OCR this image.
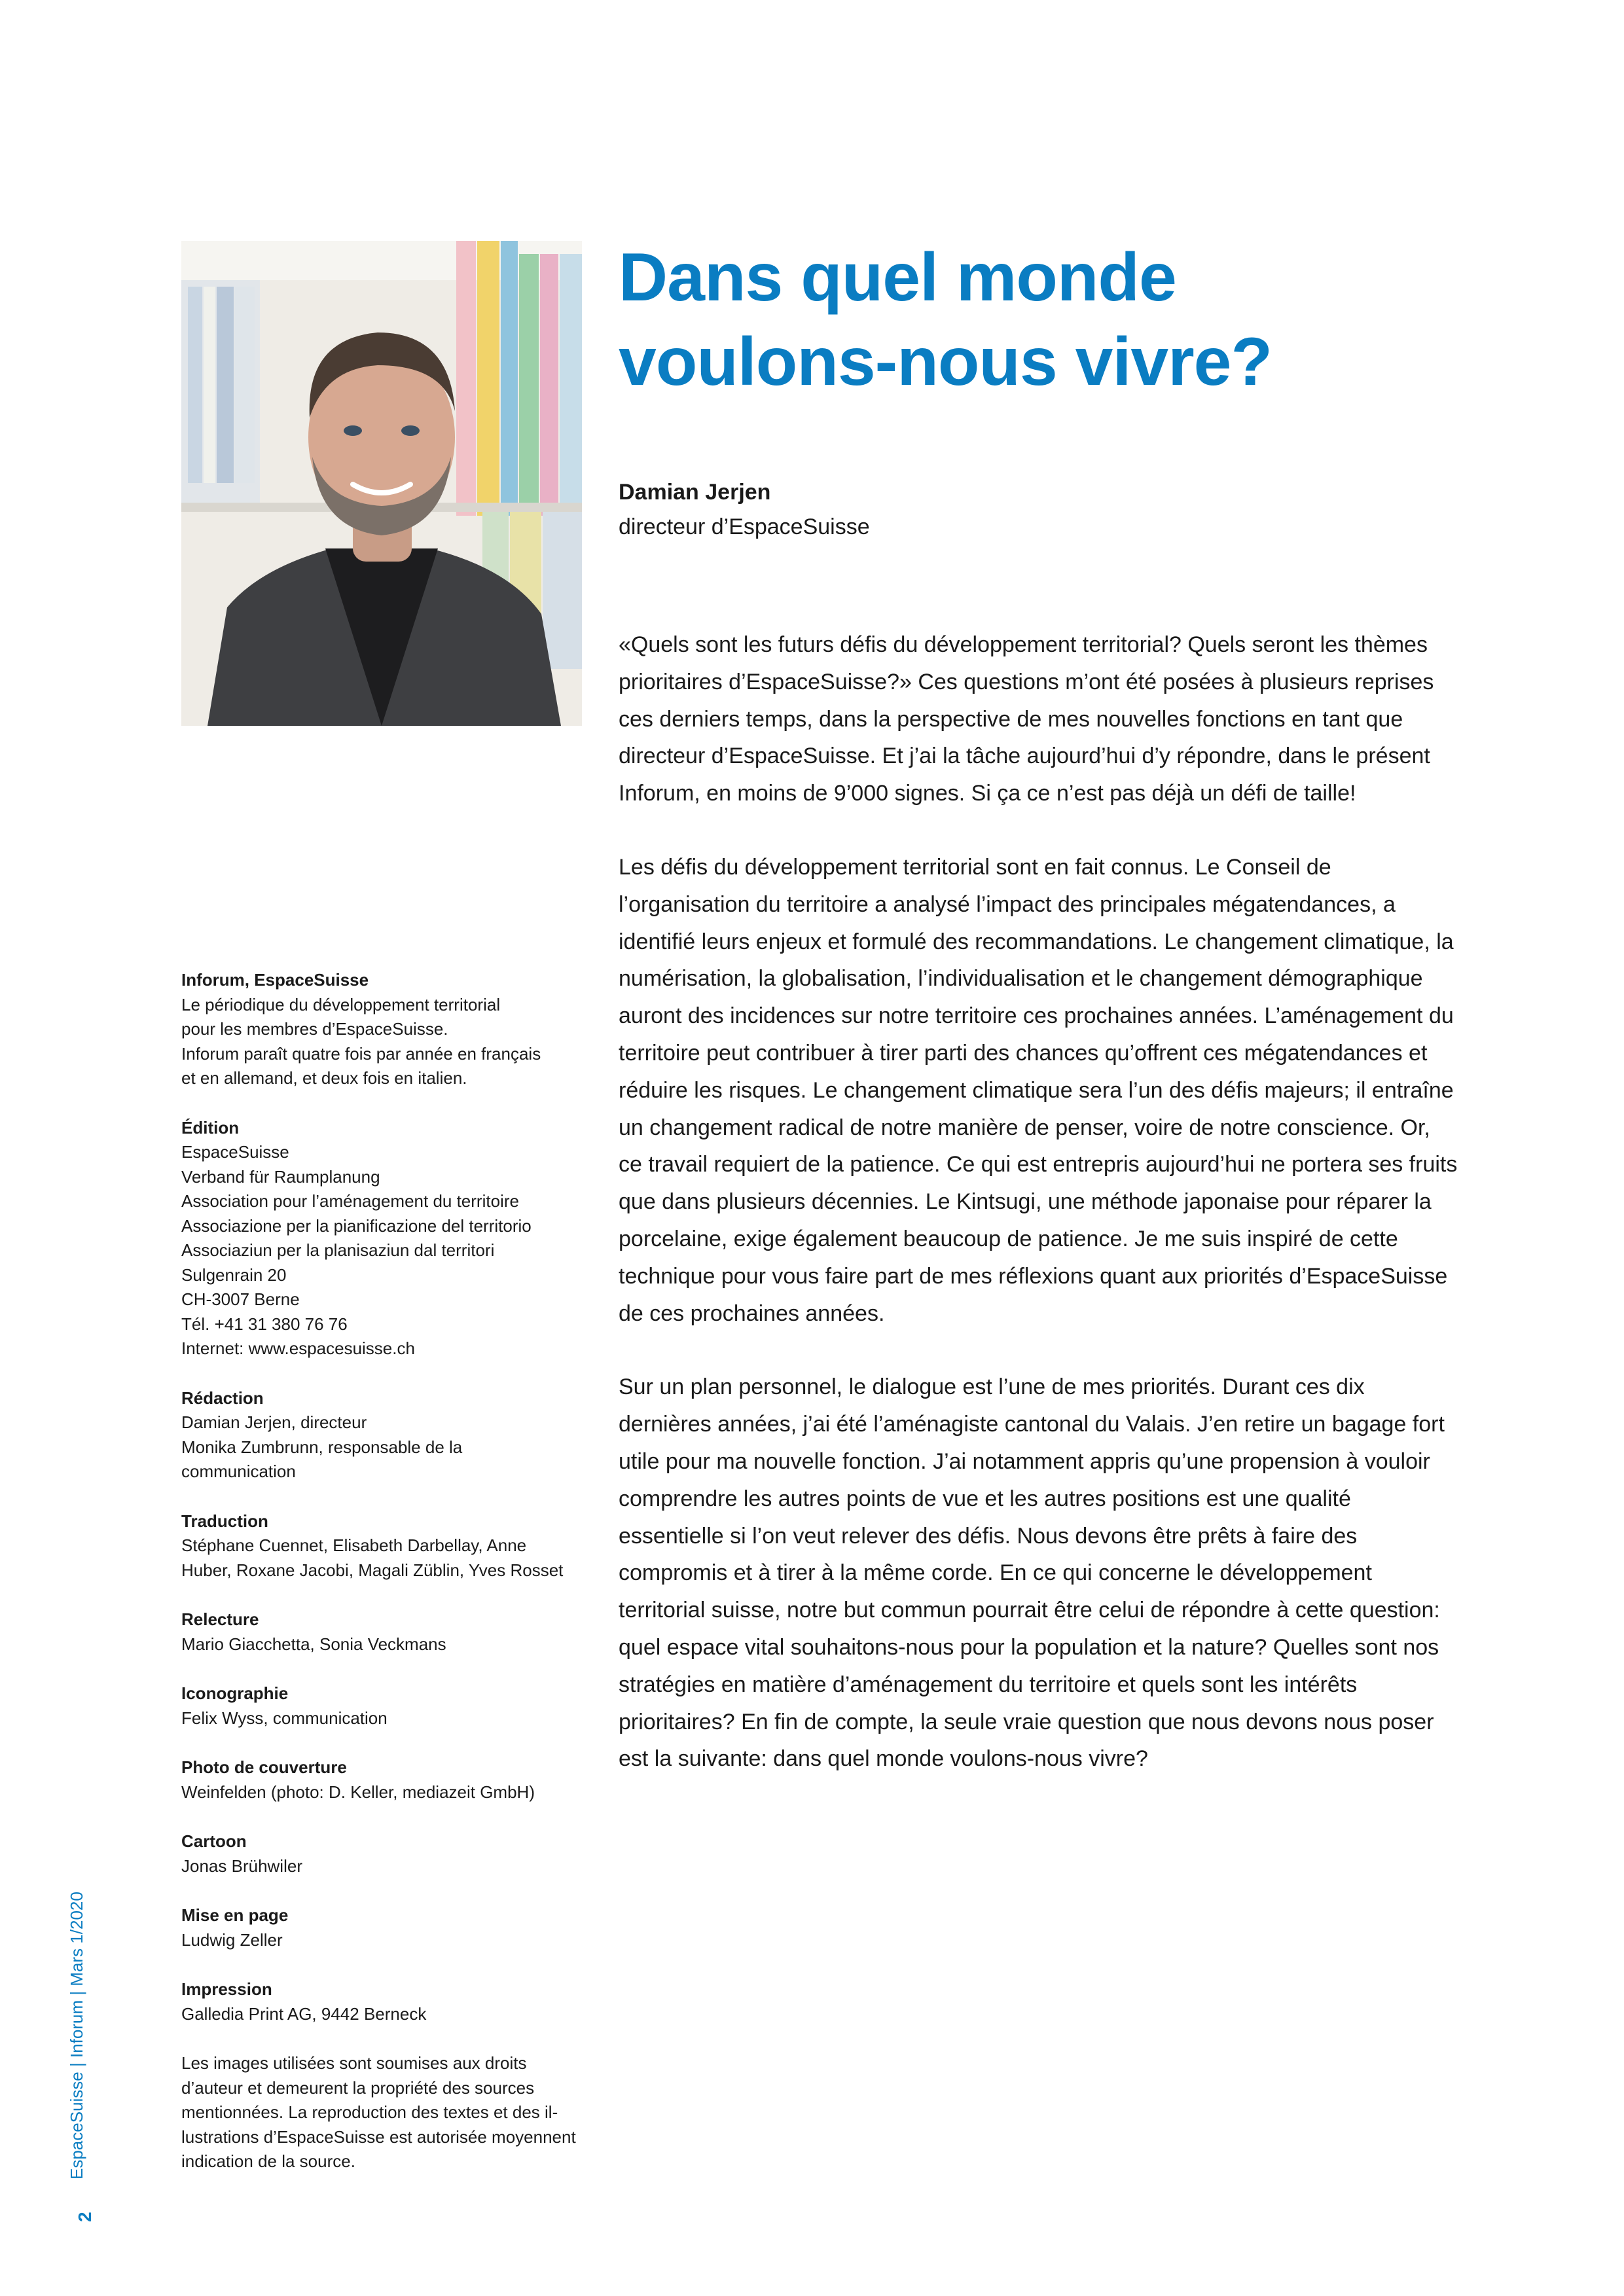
Dans quel monde
voulons-nous vivre?
Damian Jerjen
directeur d’EspaceSuisse

«Quels sont les futurs défis du développement territorial? Quels seront les thèmes prioritaires d’EspaceSuisse?» Ces questions m’ont été posées à plusieurs reprises ces derniers temps, dans la perspective de mes nouvelles fonctions en tant que directeur d’EspaceSuisse. Et j’ai la tâche aujourd’hui d’y répondre, dans le présent Inforum, en moins de 9’000 signes. Si ça ce n’est pas déjà un défi de taille!

Les défis du développement territorial sont en fait connus. Le Conseil de l’organisation du territoire a analysé l’impact des principales mégatendances, a identifié leurs enjeux et formulé des recommandations. Le changement climatique, la numérisation, la globalisation, l’individualisation et le changement démographique auront des incidences sur notre territoire ces prochaines années. L’aménagement du territoire peut contribuer à tirer parti des chances qu’offrent ces mégatendances et réduire les risques. Le changement climatique sera l’un des défis majeurs; il entraîne un changement radical de notre manière de penser, voire de notre conscience. Or, ce travail requiert de la patience. Ce qui est entrepris aujourd’hui ne portera ses fruits que dans plusieurs décennies. Le Kintsugi, une méthode japonaise pour réparer la porcelaine, exige également beaucoup de patience. Je me suis inspiré de cette technique pour vous faire part de mes réflexions quant aux priorités d’EspaceSuisse de ces prochaines années.

Sur un plan personnel, le dialogue est l’une de mes priorités. Durant ces dix dernières années, j’ai été l’aménagiste cantonal du Valais. J’en retire un bagage fort utile pour ma nouvelle fonction. J’ai notamment appris qu’une propension à vouloir comprendre les autres points de vue et les autres positions est une qualité essentielle si l’on veut relever des défis. Nous devons être prêts à faire des compromis et à tirer à la même corde. En ce qui concerne le développement territorial suisse, notre but commun pourrait être celui de répondre à cette question: quel espace vital souhaitons-nous pour la population et la nature? Quelles sont nos stratégies en matière d’aménagement du territoire et quels sont les intérêts prioritaires? En fin de compte, la seule vraie question que nous devons nous poser est la suivante: dans quel monde voulons-nous vivre?

Inforum, EspaceSuisse
Le périodique du développement territorial
pour les membres d’EspaceSuisse.
Inforum paraît quatre fois par année en français
et en allemand, et deux fois en italien.
Édition
EspaceSuisse
Verband für Raumplanung
Association pour l’aménagement du territoire
Associazione per la pianificazione del territorio
Associaziun per la planisaziun dal territori
Sulgenrain 20
CH-3007 Berne
Tél. +41 31 380 76 76
Internet: www.espacesuisse.ch
Rédaction
Damian Jerjen, directeur
Monika Zumbrunn, responsable de la
communication
Traduction
Stéphane Cuennet, Elisabeth Darbellay, Anne
Huber, Roxane Jacobi, Magali Züblin, Yves Rosset
Relecture
Mario Giacchetta, Sonia Veckmans
Iconographie
Felix Wyss, communication
Photo de couverture
Weinfelden (photo: D. Keller, mediazeit GmbH)
Cartoon
Jonas Brühwiler
Mise en page
Ludwig Zeller
Impression
Galledia Print AG, 9442 Berneck
Les images utilisées sont soumises aux droits
d’auteur et demeurent la propriété des sources
mentionnées. La reproduction des textes et des il-
lustrations d’EspaceSuisse est autorisée moyennent
indication de la source.
EspaceSuisse | Inforum | Mars 1/2020
2
